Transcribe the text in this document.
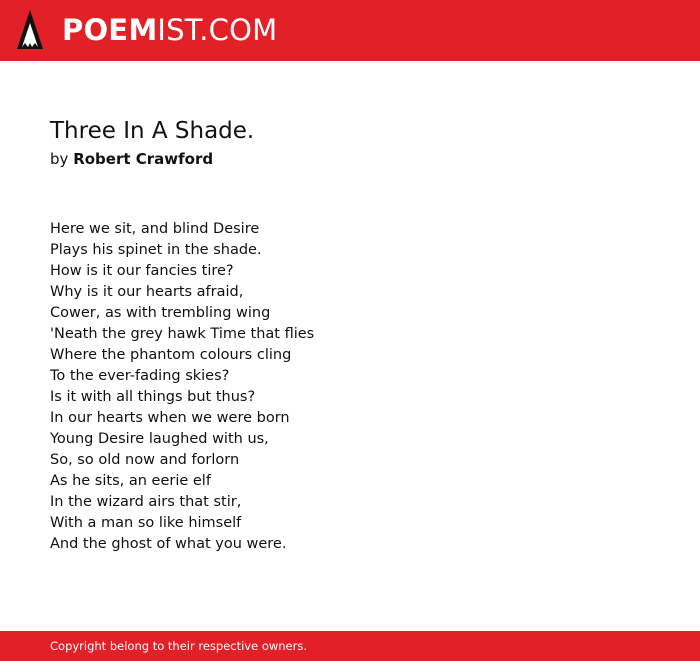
POEMIST.COM
Three In A Shade.
by Robert Crawford
Here we sit, and blind Desire
Plays his spinet in the shade.
How is it our fancies tire?
Why is it our hearts afraid,
Cower, as with trembling wing
'Neath the grey hawk Time that flies
Where the phantom colours cling
To the ever-fading skies?
Is it with all things but thus?
In our hearts when we were born
Young Desire laughed with us,
So, so old now and forlorn
As he sits, an eerie elf
In the wizard airs that stir,
With a man so like himself
And the ghost of what you were.
Copyright belong to their respective owners.
